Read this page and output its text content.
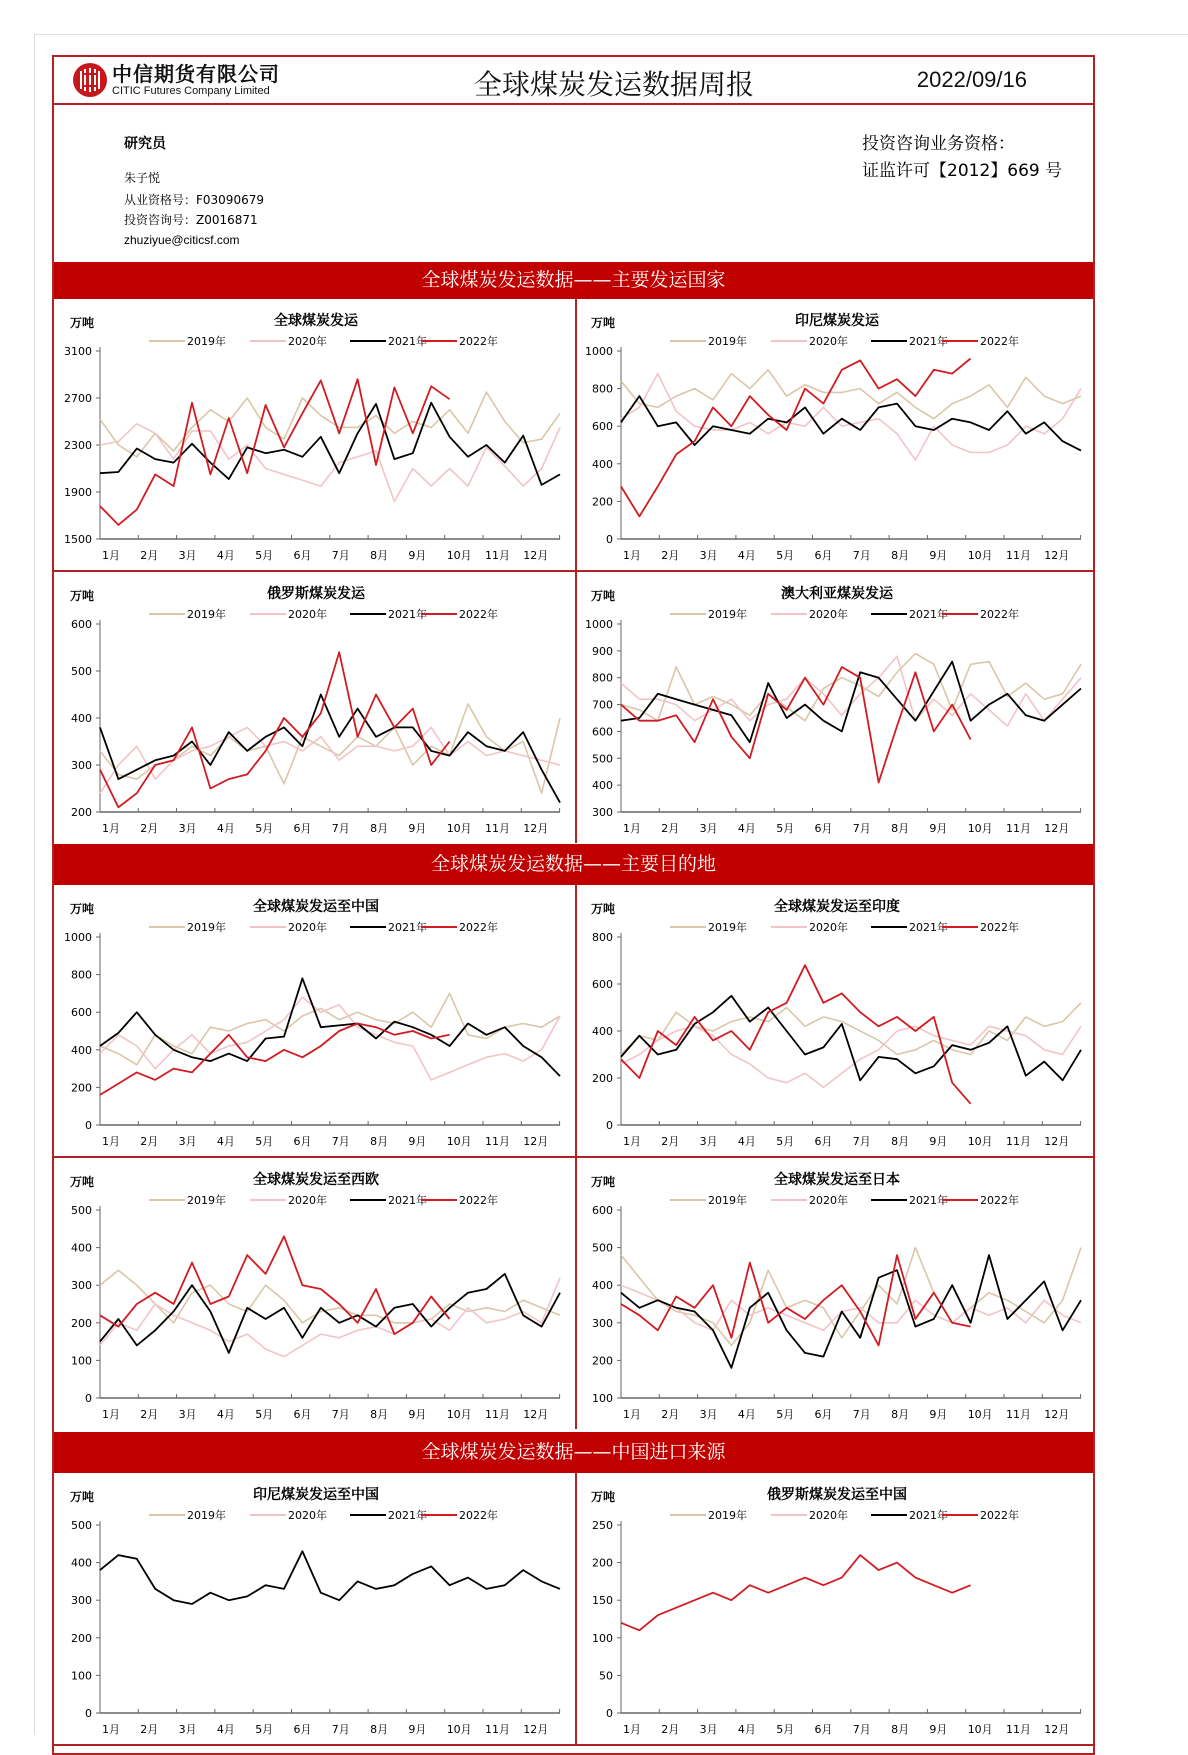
中信期货有限公司
CITIC Futures Company Limited	全球煤炭发运数据周报	2022/09/16
研究员
朱子悦
从业资格号：F03090679
投资咨询号：Z0016871
zhuziyue@citicsf.com
投资咨询业务资格：
证监许可【2012】669 号
全球煤炭发运数据——主要发运国家
万吨	全球煤炭发运
2019年	2020年	2021年	2022年
1500
1900
2300
2700
3100
1月 2月 3月 4月 5月 6月 7月 8月 9月 10月 11月 12月
万吨	印尼煤炭发运
2019年	2020年	2021年	2022年
0
200
400
600
800
1000
1月 2月 3月 4月 5月 6月 7月 8月 9月 10月 11月 12月
万吨	俄罗斯煤炭发运
2019年	2020年	2021年	2022年
200
300
400
500
600
1月 2月 3月 4月 5月 6月 7月 8月 9月 10月 11月 12月
万吨	澳大利亚煤炭发运
2019年	2020年	2021年	2022年
300
400
500
600
700
800
900
1000
1月 2月 3月 4月 5月 6月 7月 8月 9月 10月 11月 12月
全球煤炭发运数据——主要目的地
万吨	全球煤炭发运至中国
2019年	2020年	2021年	2022年
0
200
400
600
800
1000
1月 2月 3月 4月 5月 6月 7月 8月 9月 10月 11月 12月
万吨	全球煤炭发运至印度
2019年	2020年	2021年	2022年
0
200
400
600
800
1月 2月 3月 4月 5月 6月 7月 8月 9月 10月 11月 12月
万吨	全球煤炭发运至西欧
2019年	2020年	2021年	2022年
0
100
200
300
400
500
1月 2月 3月 4月 5月 6月 7月 8月 9月 10月 11月 12月
万吨	全球煤炭发运至日本
2019年	2020年	2021年	2022年
100
200
300
400
500
600
1月 2月 3月 4月 5月 6月 7月 8月 9月 10月 11月 12月
全球煤炭发运数据——中国进口来源
万吨	印尼煤炭发运至中国
2019年	2020年	2021年	2022年
0
100
200
300
400
500
1月 2月 3月 4月 5月 6月 7月 8月 9月 10月 11月 12月
万吨	俄罗斯煤炭发运至中国
2019年	2020年	2021年	2022年
0
50
100
150
200
250
1月 2月 3月 4月 5月 6月 7月 8月 9月 10月 11月 12月
